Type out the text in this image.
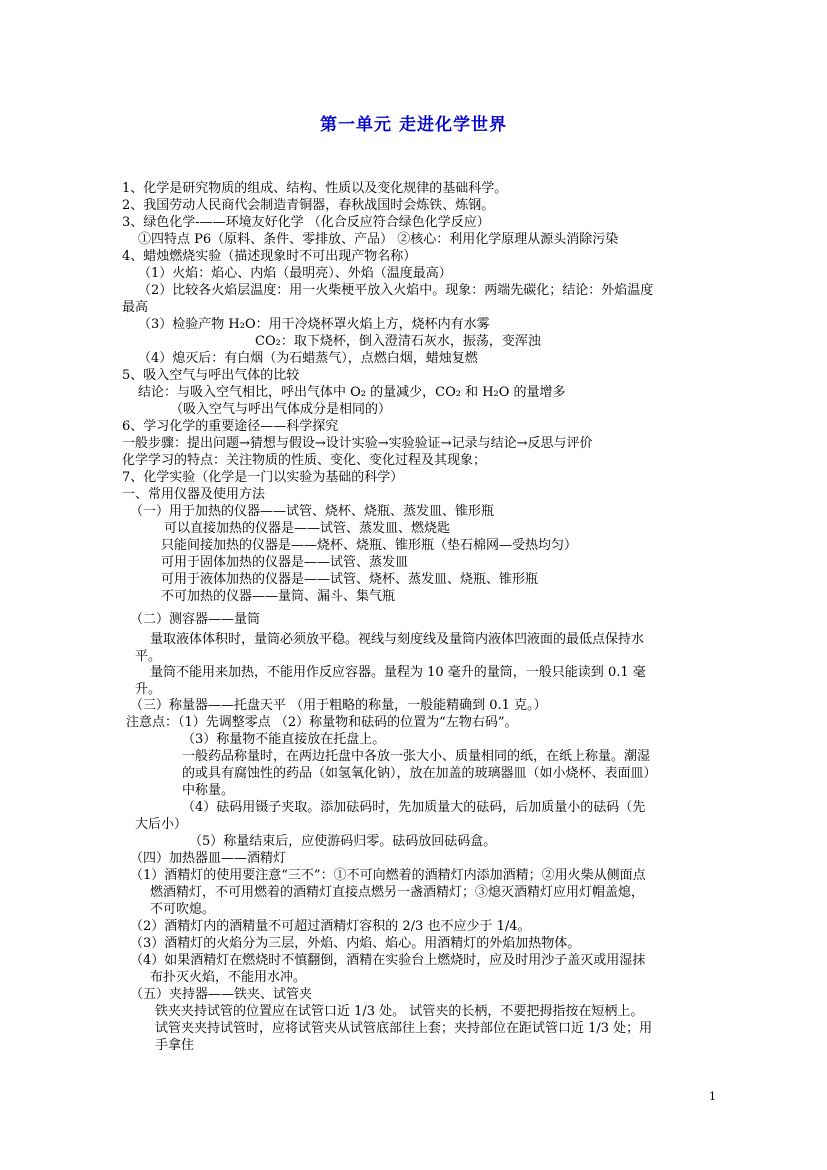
第一单元 走进化学世界
1、化学是研究物质的组成、结构、性质以及变化规律的基础科学。
2、我国劳动人民商代会制造青铜器，春秋战国时会炼铁、炼钢。
3、绿色化学-——环境友好化学 （化合反应符合绿色化学反应）
①四特点 P6（原料、条件、零排放、产品） ②核心：利用化学原理从源头消除污染
4、蜡烛燃烧实验（描述现象时不可出现产物名称）
（1）火焰：焰心、内焰（最明亮）、外焰（温度最高）
（2）比较各火焰层温度：用一火柴梗平放入火焰中。现象：两端先碳化；结论：外焰温度
最高
（3）检验产物 H₂O：用干冷烧杯罩火焰上方，烧杯内有水雾
CO₂：取下烧杯，倒入澄清石灰水，振荡，变浑浊
（4）熄灭后：有白烟（为石蜡蒸气），点燃白烟，蜡烛复燃
5、吸入空气与呼出气体的比较
结论：与吸入空气相比，呼出气体中 O₂ 的量减少，CO₂ 和 H₂O 的量增多
（吸入空气与呼出气体成分是相同的）
6、学习化学的重要途径——科学探究
一般步骤：提出问题→猜想与假设→设计实验→实验验证→记录与结论→反思与评价
化学学习的特点：关注物质的性质、变化、变化过程及其现象；
7、化学实验（化学是一门以实验为基础的科学）
一、常用仪器及使用方法
（一）用于加热的仪器——试管、烧杯、烧瓶、蒸发皿、锥形瓶
可以直接加热的仪器是——试管、蒸发皿、燃烧匙
只能间接加热的仪器是——烧杯、烧瓶、锥形瓶（垫石棉网—受热均匀）
可用于固体加热的仪器是——试管、蒸发皿
可用于液体加热的仪器是——试管、烧杯、蒸发皿、烧瓶、锥形瓶
不可加热的仪器——量筒、漏斗、集气瓶
（二）测容器——量筒
量取液体体积时，量筒必须放平稳。视线与刻度线及量筒内液体凹液面的最低点保持水
平。
量筒不能用来加热，不能用作反应容器。量程为 10 毫升的量筒，一般只能读到 0.1 毫
升。
（三）称量器——托盘天平 （用于粗略的称量，一般能精确到 0.1 克。）
注意点：（1）先调整零点 （2）称量物和砝码的位置为“左物右码”。
（3）称量物不能直接放在托盘上。
一般药品称量时，在两边托盘中各放一张大小、质量相同的纸，在纸上称量。潮湿
的或具有腐蚀性的药品（如氢氧化钠），放在加盖的玻璃器皿（如小烧杯、表面皿）
中称量。
（4）砝码用镊子夹取。添加砝码时，先加质量大的砝码，后加质量小的砝码（先
大后小）
（5）称量结束后，应使游码归零。砝码放回砝码盒。
（四）加热器皿——酒精灯
（1）酒精灯的使用要注意“三不”：①不可向燃着的酒精灯内添加酒精；②用火柴从侧面点
燃酒精灯，不可用燃着的酒精灯直接点燃另一盏酒精灯；③熄灭酒精灯应用灯帽盖熄，
不可吹熄。
（2）酒精灯内的酒精量不可超过酒精灯容积的 2/3 也不应少于 1/4。
（3）酒精灯的火焰分为三层，外焰、内焰、焰心。用酒精灯的外焰加热物体。
（4）如果酒精灯在燃烧时不慎翻倒，酒精在实验台上燃烧时，应及时用沙子盖灭或用湿抹
布扑灭火焰，不能用水冲。
（五）夹持器——铁夹、试管夹
铁夹夹持试管的位置应在试管口近 1/3 处。 试管夹的长柄，不要把拇指按在短柄上。
试管夹夹持试管时，应将试管夹从试管底部往上套；夹持部位在距试管口近 1/3 处；用
手拿住
1
